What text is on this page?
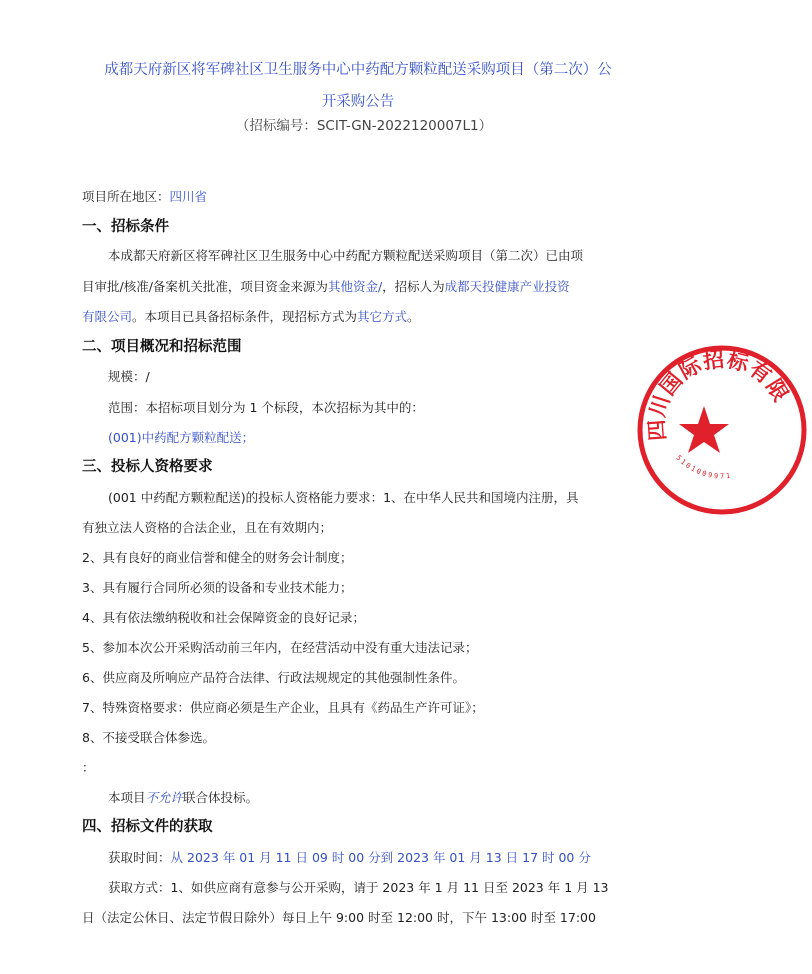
成都天府新区将军碑社区卫生服务中心中药配方颗粒配送采购项目（第二次）公
开采购公告
（招标编号：SCIT-GN-2022120007L1）
项目所在地区：四川省
一、招标条件
本成都天府新区将军碑社区卫生服务中心中药配方颗粒配送采购项目（第二次）已由项
目审批/核准/备案机关批准，项目资金来源为其他资金/，招标人为成都天投健康产业投资
有限公司。本项目已具备招标条件，现招标方式为其它方式。
二、项目概况和招标范围
规模：/
范围：本招标项目划分为 1 个标段，本次招标为其中的：
(001)中药配方颗粒配送；
三、投标人资格要求
(001 中药配方颗粒配送)的投标人资格能力要求：1、在中华人民共和国境内注册，具
有独立法人资格的合法企业，且在有效期内；
2、具有良好的商业信誉和健全的财务会计制度；
3、具有履行合同所必须的设备和专业技术能力；
4、具有依法缴纳税收和社会保障资金的良好记录；
5、参加本次公开采购活动前三年内，在经营活动中没有重大违法记录；
6、供应商及所响应产品符合法律、行政法规规定的其他强制性条件。
7、特殊资格要求：供应商必须是生产企业，且具有《药品生产许可证》；
8、不接受联合体参选。
：
本项目不允许联合体投标。
四、招标文件的获取
获取时间：从 2023 年 01 月 11 日 09 时 00 分到 2023 年 01 月 13 日 17 时 00 分
获取方式：1、如供应商有意参与公开采购，请于 2023 年 1 月 11 日至 2023 年 1 月 13
日（法定公休日、法定节假日除外）每日上午 9:00 时至 12:00 时，下午 13:00 时至 17:00
四川国际招标有限
5101009971
